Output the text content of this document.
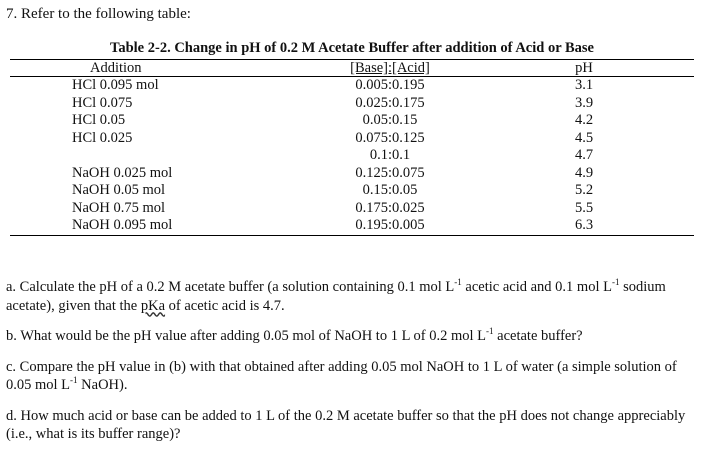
7. Refer to the following table:
Table 2-2. Change in pH of 0.2 M Acetate Buffer after addition of Acid or Base
Addition	[Base]:[Acid]	pH
HCl 0.095 mol	0.005:0.195	3.1
HCl 0.075	0.025:0.175	3.9
HCl 0.05	0.05:0.15	4.2
HCl 0.025	0.075:0.125	4.5
	0.1:0.1	4.7
NaOH 0.025 mol	0.125:0.075	4.9
NaOH 0.05 mol	0.15:0.05	5.2
NaOH 0.75 mol	0.175:0.025	5.5
NaOH 0.095 mol	0.195:0.005	6.3

a. Calculate the pH of a 0.2 M acetate buffer (a solution containing 0.1 mol $L^{-1}$ acetic acid and 0.1 mol $L^{-1}$ sodium acetate), given that the pKa of acetic acid is 4.7.

b. What would be the pH value after adding 0.05 mol of NaOH to 1 L of 0.2 mol $L^{-1}$ acetate buffer?

c. Compare the pH value in (b) with that obtained after adding 0.05 mol NaOH to 1 L of water (a simple solution of 0.05 mol $L^{-1}$ NaOH).

d. How much acid or base can be added to 1 L of the 0.2 M acetate buffer so that the pH does not change appreciably (i.e., what is its buffer range)?
